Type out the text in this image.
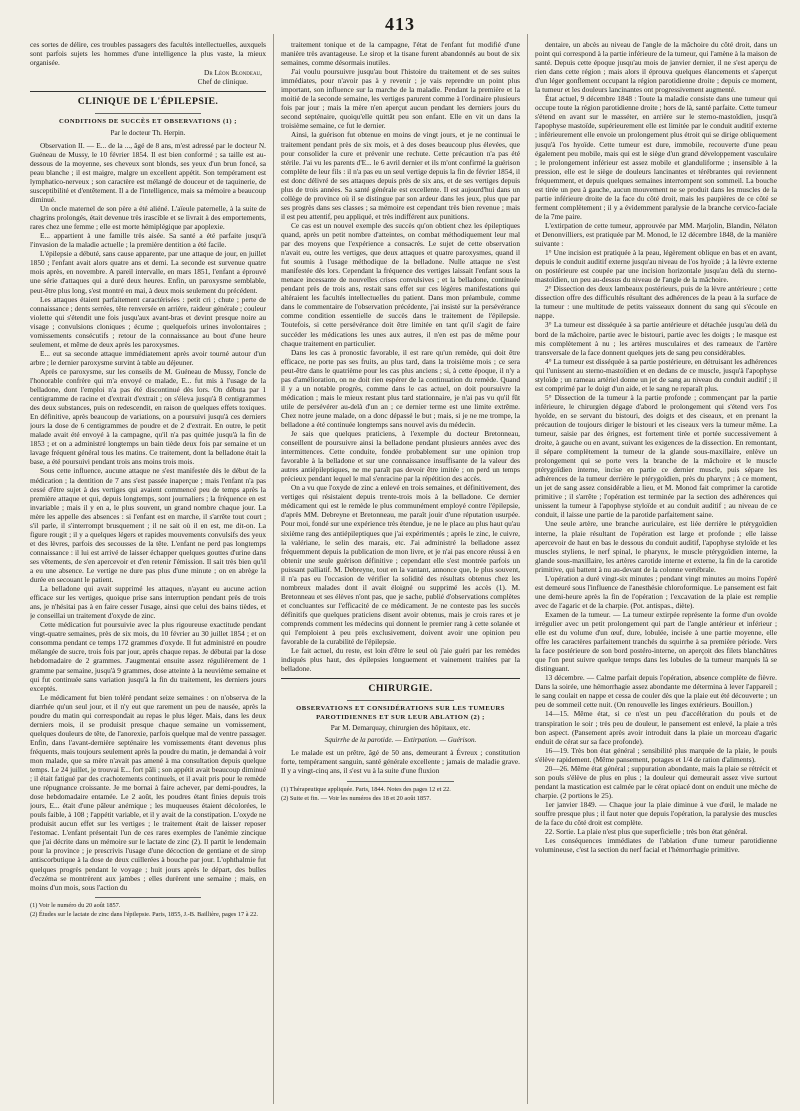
413

ces sortes de délire, ces troubles passagers des facultés intellectuelles, auxquels sont parfois sujets les hommes d'une intelligence la plus vaste, la mieux organisée.

Dr Léon Blondeau,
Chef de clinique.
CLINIQUE DE L'ÉPILEPSIE.
CONDITIONS DE SUCCÈS ET OBSERVATIONS (1) ;
Par le docteur Th. Herpin.

Observation II. — E... de la ..., âgé de 8 ans, m'est adressé par le docteur N. Guéneau de Mussy, le 10 février 1854. Il est bien conformé ; sa taille est au-dessous de la moyenne, ses cheveux sont blonds, ses yeux d'un brun foncé, sa peau blanche ; il est maigre, malgre un excellent appétit. Son tempérament est lymphatico-nerveux ; son caractère est mélangé de douceur et de taquinerie, de susceptibilité et d'entêtement. Il a de l'intelligence, mais sa mémoire a beaucoup diminué.

Un oncle maternel de son père a été aliéné. L'aïeule paternelle, à la suite de chagrins prolongés, était devenue très irascible et se livrait à des emportements, rares chez une femme ; elle est morte hémiplégique par apoplexie.

E... appartient à une famille très aisée. Sa santé a été parfaite jusqu'à l'invasion de la maladie actuelle ; la première dentition a été facile.

L'épilepsie a débuté, sans cause apparente, par une attaque de jour, en juillet 1850 ; l'enfant avait alors quatre ans et demi. La seconde est survenue quatre mois après, en novembre. A pareil intervalle, en mars 1851, l'enfant a éprouvé une série d'attaques qui a duré deux heures. Enfin, un paroxysme semblable, peut-être plus long, s'est montré en mai, à deux mois seulement du précédent.

Les attaques étaient parfaitement caractérisées : petit cri ; chute ; perte de connaissance ; dents serrées, tête renversée en arrière, raideur générale ; couleur violette qui s'étendit une fois jusqu'aux avant-bras et devint presque noire au visage ; convulsions cloniques ; écume ; quelquefois urines involontaires ; vomissements consécutifs ; retour de la connaissance au bout d'une heure seulement, et même de deux après les paroxysmes.

E... eut sa seconde attaque immédiatement après avoir tourné autour d'un arbre ; le dernier paroxysme survint à table au déjeuner.

Après ce paroxysme, sur les conseils de M. Guéneau de Mussy, l'oncle de l'honorable confrère qui m'a envoyé ce malade, E... fut mis à l'usage de la belladone, dont l'emploi n'a pas été discontinué dès lors. On débuta par 1 centigramme de racine et d'extrait d'extrait ; on s'éleva jusqu'à 8 centigrammes des deux substances, puis on redescendit, en raison de quelques effets toxiques. En définitive, après beaucoup de variations, on a poursuivi jusqu'à ces derniers jours la dose de 6 centigrammes de poudre et de 2 d'extrait. En outre, le petit malade avait été envoyé à la campagne, qu'il n'a pas quittée jusqu'à la fin de 1853 ; et on a administré longtemps un bain tiède deux fois par semaine et un lavage fréquent général tous les matins. Ce traitement, dont la belladone était la base, a été poursuivi pendant trois ans moins trois mois.

Sous cette influence, aucune attaque ne s'est manifestée dès le début de la médication ; la dentition de 7 ans s'est passée inaperçue ; mais l'enfant n'a pas cessé d'être sujet à des vertiges qui avaient commencé peu de temps après la première attaque et qui, depuis longtemps, sont journaliers ; la fréquence en est invariable ; mais il y en a, le plus souvent, un grand nombre chaque jour. La mère les appelle des absences : si l'enfant est en marche, il s'arrête tout court ; s'il parle, il s'interrompt brusquement ; il ne sait où il en est, me dit-on. La figure rougit ; il y a quelques légers et rapides mouvements convulsifs des yeux et des lèvres, parfois des secousses de la tête. L'enfant ne perd pas longtemps connaissance : il lui est arrivé de laisser échapper quelques gouttes d'urine dans ses vêtements, de s'en apercevoir et d'en retenir l'émission. Il sait très bien qu'il a eu une absence. Le vertige ne dure pas plus d'une minute ; on en abrège la durée en secouant le patient.

La belladone qui avait supprimé les attaques, n'ayant eu aucune action efficace sur les vertiges, quoique prise sans interruption pendant près de trois ans, je n'hésitai pas à en faire cesser l'usage, ainsi que celui des bains tièdes, et je conseillai un traitement d'oxyde de zinc.

Cette médication fut poursuivie avec la plus rigoureuse exactitude pendant vingt-quatre semaines, près de six mois, du 10 février au 30 juillet 1854 ; et on consomma pendant ce temps 172 grammes d'oxyde. Il fut administré en poudre mélangée de sucre, trois fois par jour, après chaque repas. Je débutai par la dose hebdomadaire de 2 grammes. J'augmentai ensuite assez régulièrement de 1 gramme par semaine, jusqu'à 9 grammes, dose atteinte à la neuvième semaine et qui fut continuée sans variation jusqu'à la fin du traitement, les derniers jours exceptés.

Le médicament fut bien toléré pendant seize semaines : on n'observa de la diarrhée qu'un seul jour, et il n'y eut que rarement un peu de nausée, après la poudre du matin qui correspondait au repas le plus léger. Mais, dans les deux derniers mois, il se produisit presque chaque semaine un vomissement, quelques douleurs de tête, de l'anorexie, parfois quelque mal de ventre passager. Enfin, dans l'avant-dernière septénaire les vomissements étant devenus plus fréquents, mais toujours seulement après la poudre du matin, je demandai à voir mon malade, que sa mère n'avait pas amené à ma consultation depuis quelque temps. Le 24 juillet, je trouvai E... fort pâli ; son appétit avait beaucoup diminué ; il était fatigué par des crachotements continuels, et il avait pris pour le remède une répugnance croissante. Je me bornai à faire achever, par demi-poudres, la dose hebdomadaire entamée. Le 2 août, les poudres étant finies depuis trois jours, E... était d'une pâleur anémique ; les muqueuses étaient décolorées, le pouls faible, à 108 ; l'appétit variable, et il y avait de la constipation. L'oxyde ne produisit aucun effet sur les vertiges ; le traitement était de laisser reposer l'estomac. L'enfant présentait l'un de ces rares exemples de l'anémie zincique que j'ai décrite dans un mémoire sur le lactate de zinc (2). Il partit le lendemain pour la province ; je prescrivis l'usage d'une décoction de gentiane et de sirop antiscorbutique à la dose de deux cuillerées à bouche par jour. L'ophthalmie fut quelques progrès pendant le voyage ; huit jours après le départ, des bulles d'eczéma se montrèrent aux jambes ; elles durèrent une semaine ; mais, en moins d'un mois, sous l'action du

(1) Voir le numéro du 20 août 1857.
(2) Études sur le lactate de zinc dans l'épilepsie. Paris, 1855, J.-B. Baillière, pages 17 à 22.

traitement tonique et de la campagne, l'état de l'enfant fut modifié d'une manière très avantageuse. Le sirop et la tisane furent abandonnés au bout de six semaines, comme désormais inutiles.

J'ai voulu poursuivre jusqu'au bout l'histoire du traitement et de ses suites immédiates, pour n'avoir pas à y revenir ; je vais reprendre un point plus important, son influence sur la marche de la maladie. Pendant la première et la moitié de la seconde semaine, les vertiges parurent comme à l'ordinaire plusieurs fois par jour ; mais la mère n'en aperçut aucun pendant les derniers jours du second septénaire, quoiqu'elle quittât peu son enfant. Elle en vit un dans la troisième semaine, ce fut le dernier.

Ainsi, la guérison fut obtenue en moins de vingt jours, et je ne continuai le traitement pendant près de six mois, et à des doses beaucoup plus élevées, que pour consolider la cure et prévenir une rechute. Cette précaution n'a pas été stérile. J'ai vu les parents d'E... le 6 avril dernier et ils m'ont confirmé la guérison complète de leur fils : il n'a pas eu un seul vertige depuis la fin de février 1854, il est donc délivré de ses attaques depuis près de six ans, et de ses vertiges depuis plus de trois années. Sa santé générale est excellente. Il est aujourd'hui dans un collège de province où il se distingue par son ardeur dans les jeux, plus que par ses progrès dans ses classes ; sa mémoire est cependant très bien revenue ; mais il est peu attentif, peu appliqué, et très indifférent aux punitions.

Ce cas est un nouvel exemple des succès qu'on obtient chez les épileptiques quand, après un petit nombre d'atteintes, on combat méthodiquement leur mal par des moyens que l'expérience a consacrés. Le sujet de cette observation n'avait eu, outre les vertiges, que deux attaques et quatre paroxysmes, quand il fut soumis à l'usage méthodique de la belladone. Nulle attaque ne s'est manifestée dès lors. Cependant la fréquence des vertiges laissait l'enfant sous la menace incessante de nouvelles crises convulsives ; et la belladone, continuée pendant près de trois ans, restait sans effet sur ces légères manifestations qui altéraient les facultés intellectuelles du patient. Dans mon préambule, comme dans le commentaire de l'observation précédente, j'ai insisté sur la persévérance comme condition essentielle de succès dans le traitement de l'épilepsie. Toutefois, si cette persévérance doit être limitée en tant qu'il s'agit de faire succéder les médications les unes aux autres, il n'en est pas de même pour chaque traitement en particulier.

Dans les cas à pronostic favorable, il est rare qu'un remède, qui doit être efficace, ne porte pas ses fruits, au plus tard, dans la troisième mois ; ce sera peut-être dans le quatrième pour les cas plus anciens ; si, à cette époque, il n'y a pas d'amélioration, on ne doit rien espérer de la continuation du remède. Quand il y a un notable progrès, comme dans le cas actuel, on doit poursuivre la médication ; mais le mieux restant plus tard stationnaire, je n'ai pas vu qu'il fût utile de persévérer au-delà d'un an ; ce dernier terme est une limite extrême. Chez notre jeune malade, on a donc dépassé le but ; mais, si je ne me trompe, la belladone a été continuée longtemps sans nouvel avis du médecin.

Je sais que quelques praticiens, à l'exemple du docteur Bretonneau, conseillent de poursuivre ainsi la belladone pendant plusieurs années avec des intermittences. Cette conduite, fondée probablement sur une opinion trop favorable à la belladone et sur une connaissance insuffisante de la valeur des autres antiépileptiques, ne me paraît pas devoir être imitée ; on perd un temps précieux pendant lequel le mal s'enracine par la répétition des accès.

On a vu que l'oxyde de zinc a enlevé en trois semaines, et définitivement, des vertiges qui résistaient depuis trente-trois mois à la belladone. Ce dernier médicament qui est le remède le plus communément employé contre l'épilepsie, d'après MM. Debreyne et Bretonneau, me paraît jouir d'une réputation usurpée. Pour moi, fondé sur une expérience très étendue, je ne le place au plus haut qu'au sixième rang des antiépileptiques que j'ai expérimentés ; après le zinc, le cuivre, la valériane, le selin des marais, etc. J'ai administré la belladone assez fréquemment depuis la publication de mon livre, et je n'ai pas encore réussi à en obtenir une seule guérison définitive ; cependant elle s'est montrée parfois un puissant palliatif. M. Debreyne, tout en la vantant, annonce que, le plus souvent, il n'a pas eu l'occasion de vérifier la solidité des résultats obtenus chez les nombreux malades dont il avait éloigné ou supprimé les accès (1). M. Bretonneau et ses élèves n'ont pas, que je sache, publié d'observations complètes et concluantes sur l'efficacité de ce médicament. Je ne conteste pas les succès définitifs que quelques praticiens disent avoir obtenus, mais je crois rares et je comprends comment les médecins qui donnent le premier rang à cette solanée et qui l'emploient à peu près exclusivement, doivent avoir une opinion peu favorable de la curabilité de l'épilepsie.

Le fait actuel, du reste, est loin d'être le seul où j'aie guéri par les remèdes indiqués plus haut, des épilepsies longuement et vainement traitées par la belladone.

CHIRURGIE.
OBSERVATIONS ET CONSIDÉRATIONS SUR LES TUMEURS PAROTIDIENNES ET SUR LEUR ABLATION (2) ;
Par M. Demarquay, chirurgien des hôpitaux, etc.
Squirrhe de la parotide. — Extirpation. — Guérison.

Le malade est un prêtre, âgé de 50 ans, demeurant à Évreux ; constitution forte, tempérament sanguin, santé générale excellente ; jamais de maladie grave. Il y a vingt-cinq ans, il s'est vu à la suite d'une fluxion

(1) Thérapeutique appliquée. Paris, 1844. Notes des pages 12 et 22.
(2) Suite et fin. — Voir les numéros des 18 et 20 août 1857.

dentaire, un abcès au niveau de l'angle de la mâchoire du côté droit, dans un point qui correspond à la partie inférieure de la tumeur, qui l'amène à la maison de santé. Depuis cette époque jusqu'au mois de janvier dernier, il ne s'est aperçu de rien dans cette région ; mais alors il éprouva quelques élancements et s'aperçut d'un léger gonflement occupant la région parotidienne droite ; depuis ce moment, la tumeur et les douleurs lancinantes ont progressivement augmenté.

État actuel, 9 décembre 1848 : Toute la maladie consiste dans une tumeur qui occupe toute la région parotidienne droite ; hors de là, santé parfaite. Cette tumeur s'étend en avant sur le masséter, en arrière sur le sterno-mastoïdien, jusqu'à l'apophyse mastoïde, supérieurement elle est limitée par le conduit auditif externe ; inférieurement elle envoie un prolongement plus étroit qui se dirige obliquement jusqu'à l'os hyoïde. Cette tumeur est dure, immobile, recouverte d'une peau également peu mobile, mais qui est le siège d'un grand développement vasculaire ; le prolongement inférieur est assez mobile et glanduliforme ; insensible à la pression, elle est le siège de douleurs lancinantes et térébrantes qui reviennent fréquemment, et depuis quelques semaines interrompent son sommeil. La bouche est tirée un peu à gauche, aucun mouvement ne se produit dans les muscles de la partie inférieure droite de la face du côté droit, mais les paupières de ce côté se ferment complètement ; il y a évidemment paralysie de la branche cervico-faciale de la 7me paire.

L'extirpation de cette tumeur, approuvée par MM. Marjolin, Blandin, Nélaton et Denonvilliers, est pratiquée par M. Monod, le 12 décembre 1848, de la manière suivante :

1° Une incision est pratiquée à la peau, légèrement oblique en bas et en avant, depuis le conduit auditif externe jusqu'au niveau de l'os hyoïde ; à la lèvre externe on postérieure est coupée par une incision horizontale jusqu'au delà du sterno-mastoïdien, un peu au-dessus du niveau de l'angle de la mâchoire.

2° Dissection des deux lambeaux postérieurs, puis de la lèvre antérieure ; cette dissection offre des difficultés résultant des adhérences de la peau à la surface de la tumeur : une multitude de petits vaisseaux donnent du sang qui s'écoule en nappe.

3° La tumeur est disséquée à sa partie antérieure et détachée jusqu'au delà du bord de la mâchoire, partie avec le bistouri, partie avec les doigts ; le masque est mis complètement à nu ; les artères musculaires et des rameaux de l'artère transversale de la face donnent quelques jets de sang peu considérables.

4° La tumeur est disséquée à sa partie postérieure, en détruisant les adhérences qui l'unissent au sterno-mastoïdien et en dedans de ce muscle, jusqu'à l'apophyse styloïde ; un rameau artériel donne un jet de sang au niveau du conduit auditif ; il est comprimé par le doigt d'un aide, et le sang ne reparaît plus.

5° Dissection de la tumeur à la partie profonde ; commençant par la partie inférieure, le chirurgien dégage d'abord le prolongement qui s'étend vers l'os hyoïde, en se servant du bistouri, des doigts et des ciseaux, et en prenant la précaution de toujours diriger le bistouri et les ciseaux vers la tumeur même. La tumeur, saisie par des érignes, est fortement tirée et portée successivement à droite, à gauche ou en avant, suivant les exigences de la dissection. En remontant, il sépare complètement la tumeur de la glande sous-maxillaire, enlève un prolongement qui se porte vers la branche de la mâchoire et le muscle ptérygoïdien interne, incise en partie ce dernier muscle, puis sépare les adhérences de la tumeur derrière le ptérygoïdien, près du pharynx ; à ce moment, un jet de sang assez considérable a lieu, et M. Monod fait comprimer la carotide primitive ; il s'arrête ; l'opération est terminée par la section des adhérences qui unissent la tumeur à l'apophyse styloïde et au conduit auditif ; au niveau de ce conduit, il laisse une partie de la parotide parfaitement saine.

Une seule artère, une branche auriculaire, est liée derrière le ptérygoïdien interne, la plaie résultant de l'opération est large et profonde ; elle laisse apercevoir de haut en bas le dessous du conduit auditif, l'apophyse styloïde et les muscles styliens, le nerf spinal, le pharynx, le muscle ptérygoïdien interne, la glande sous-maxillaire, les artères carotide interne et externe, la fin de la carotide primitive, qui battent à nu au-devant de la colonne vertébrale.

L'opération a duré vingt-six minutes ; pendant vingt minutes au moins l'opéré est demeuré sous l'influence de l'anesthésie chloroformique. Le pansement est fait une demi-heure après la fin de l'opération ; l'excavation de la plaie est remplie avec de l'agaric et de la charpie. (Pot. antispas., diète).

Examen de la tumeur. — La tumeur extirpée représente la forme d'un ovoïde irrégulier avec un petit prolongement qui part de l'angle antérieur et inférieur ; elle est du volume d'un œuf, dure, lobulée, incisée à une partie moyenne, elle offre les caractères parfaitement tranchés du squirrhe à sa première période. Vers la face postérieure de son bord postéro-interne, on aperçoit des filets blanchâtres que l'on peut suivre quelque temps dans les lobules de la tumeur marqués là se distinguant.

13 décembre. — Calme parfait depuis l'opération, absence complète de fièvre. Dans la soirée, une hémorrhagie assez abondante me détermina à lever l'appareil ; le sang coulait en nappe et cessa de couler dès que la plaie eut été découverte ; un peu de sommeil cette nuit. (On renouvelle les linges extérieurs. Bouillon.)

14—15. Même état, si ce n'est un peu d'accélération du pouls et de transpiration le soir ; très peu de douleur, le pansement est enlevé, la plaie a très bon aspect. (Pansement après avoir introduit dans la plaie un morceau d'agaric enduit de cérat sur sa face profonde).

16—19. Très bon état général ; sensibilité plus marquée de la plaie, le pouls s'élève rapidement. (Même pansement, potages et 1/4 de ration d'aliments).

20—26. Même état général ; suppuration abondante, mais la plaie se rétrécit et son pouls s'élève de plus en plus ; la douleur qui demeurait assez vive surtout pendant la mastication est calmée par le cérat opiacé dont on enduit une mèche de charpie. (2 portions le 25).

1er janvier 1849. — Chaque jour la plaie diminue à vue d'œil, le malade ne souffre presque plus ; il faut noter que depuis l'opération, la paralysie des muscles de la face du côté droit est complète.

22. Sortie. La plaie n'est plus que superficielle ; très bon état général.

Les conséquences immédiates de l'ablation d'une tumeur parotidienne volumineuse, c'est la section du nerf facial et l'hémorrhagie primitive.
